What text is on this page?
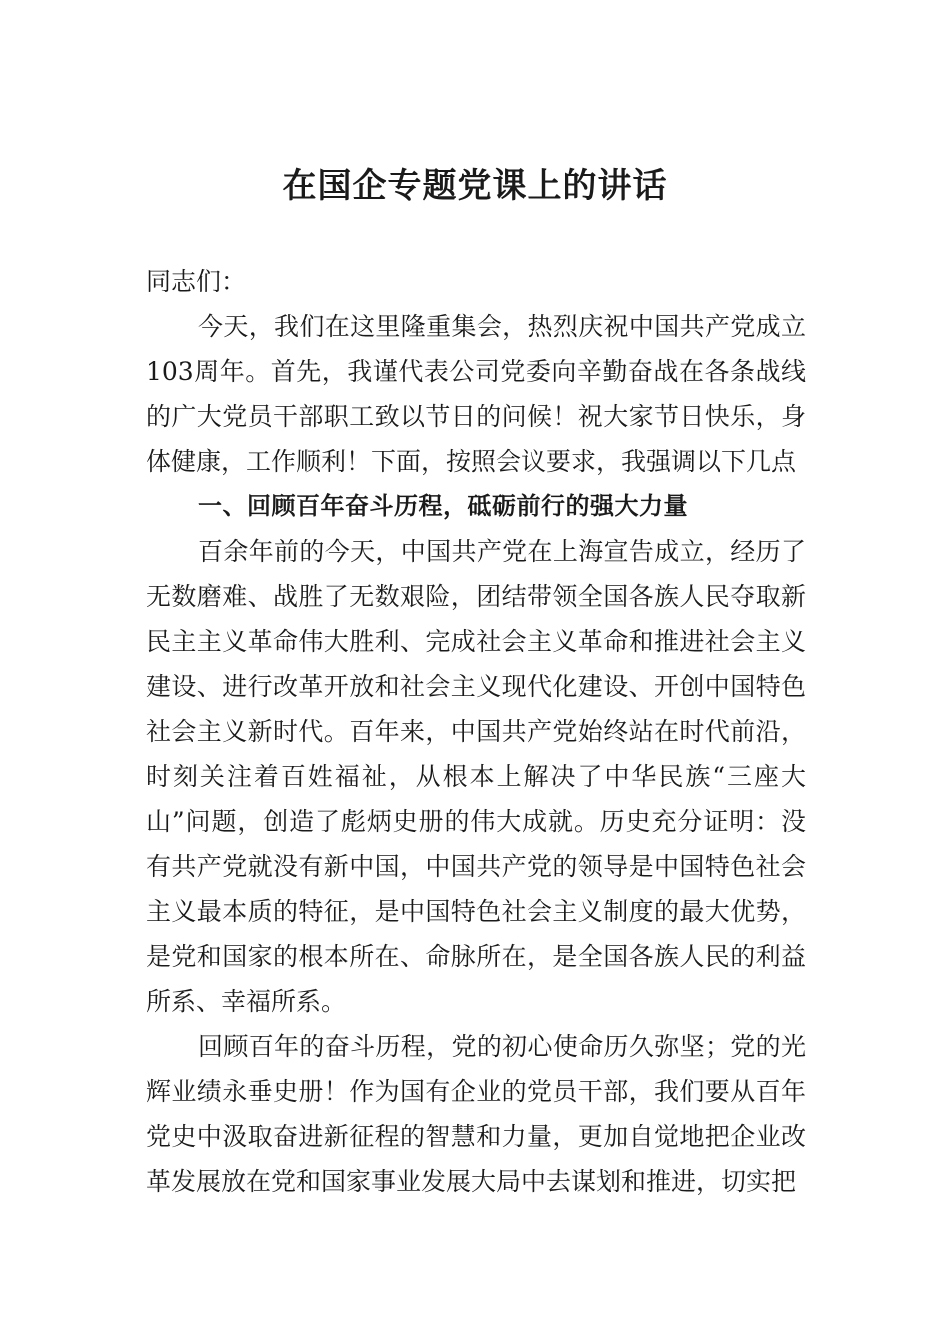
在国企专题党课上的讲话

同志们：

今天，我们在这里隆重集会，热烈庆祝中国共产党成立103周年。首先，我谨代表公司党委向辛勤奋战在各条战线的广大党员干部职工致以节日的问候！祝大家节日快乐，身体健康，工作顺利！下面，按照会议要求，我强调以下几点

一、回顾百年奋斗历程，砥砺前行的强大力量

百余年前的今天，中国共产党在上海宣告成立，经历了无数磨难、战胜了无数艰险，团结带领全国各族人民夺取新民主主义革命伟大胜利、完成社会主义革命和推进社会主义建设、进行改革开放和社会主义现代化建设、开创中国特色社会主义新时代。百年来，中国共产党始终站在时代前沿，时刻关注着百姓福祉，从根本上解决了中华民族“三座大山”问题，创造了彪炳史册的伟大成就。历史充分证明：没有共产党就没有新中国，中国共产党的领导是中国特色社会主义最本质的特征，是中国特色社会主义制度的最大优势，是党和国家的根本所在、命脉所在，是全国各族人民的利益所系、幸福所系。

回顾百年的奋斗历程，党的初心使命历久弥坚；党的光辉业绩永垂史册！作为国有企业的党员干部，我们要从百年党史中汲取奋进新征程的智慧和力量，更加自觉地把企业改革发展放在党和国家事业发展大局中去谋划和推进，切实把
